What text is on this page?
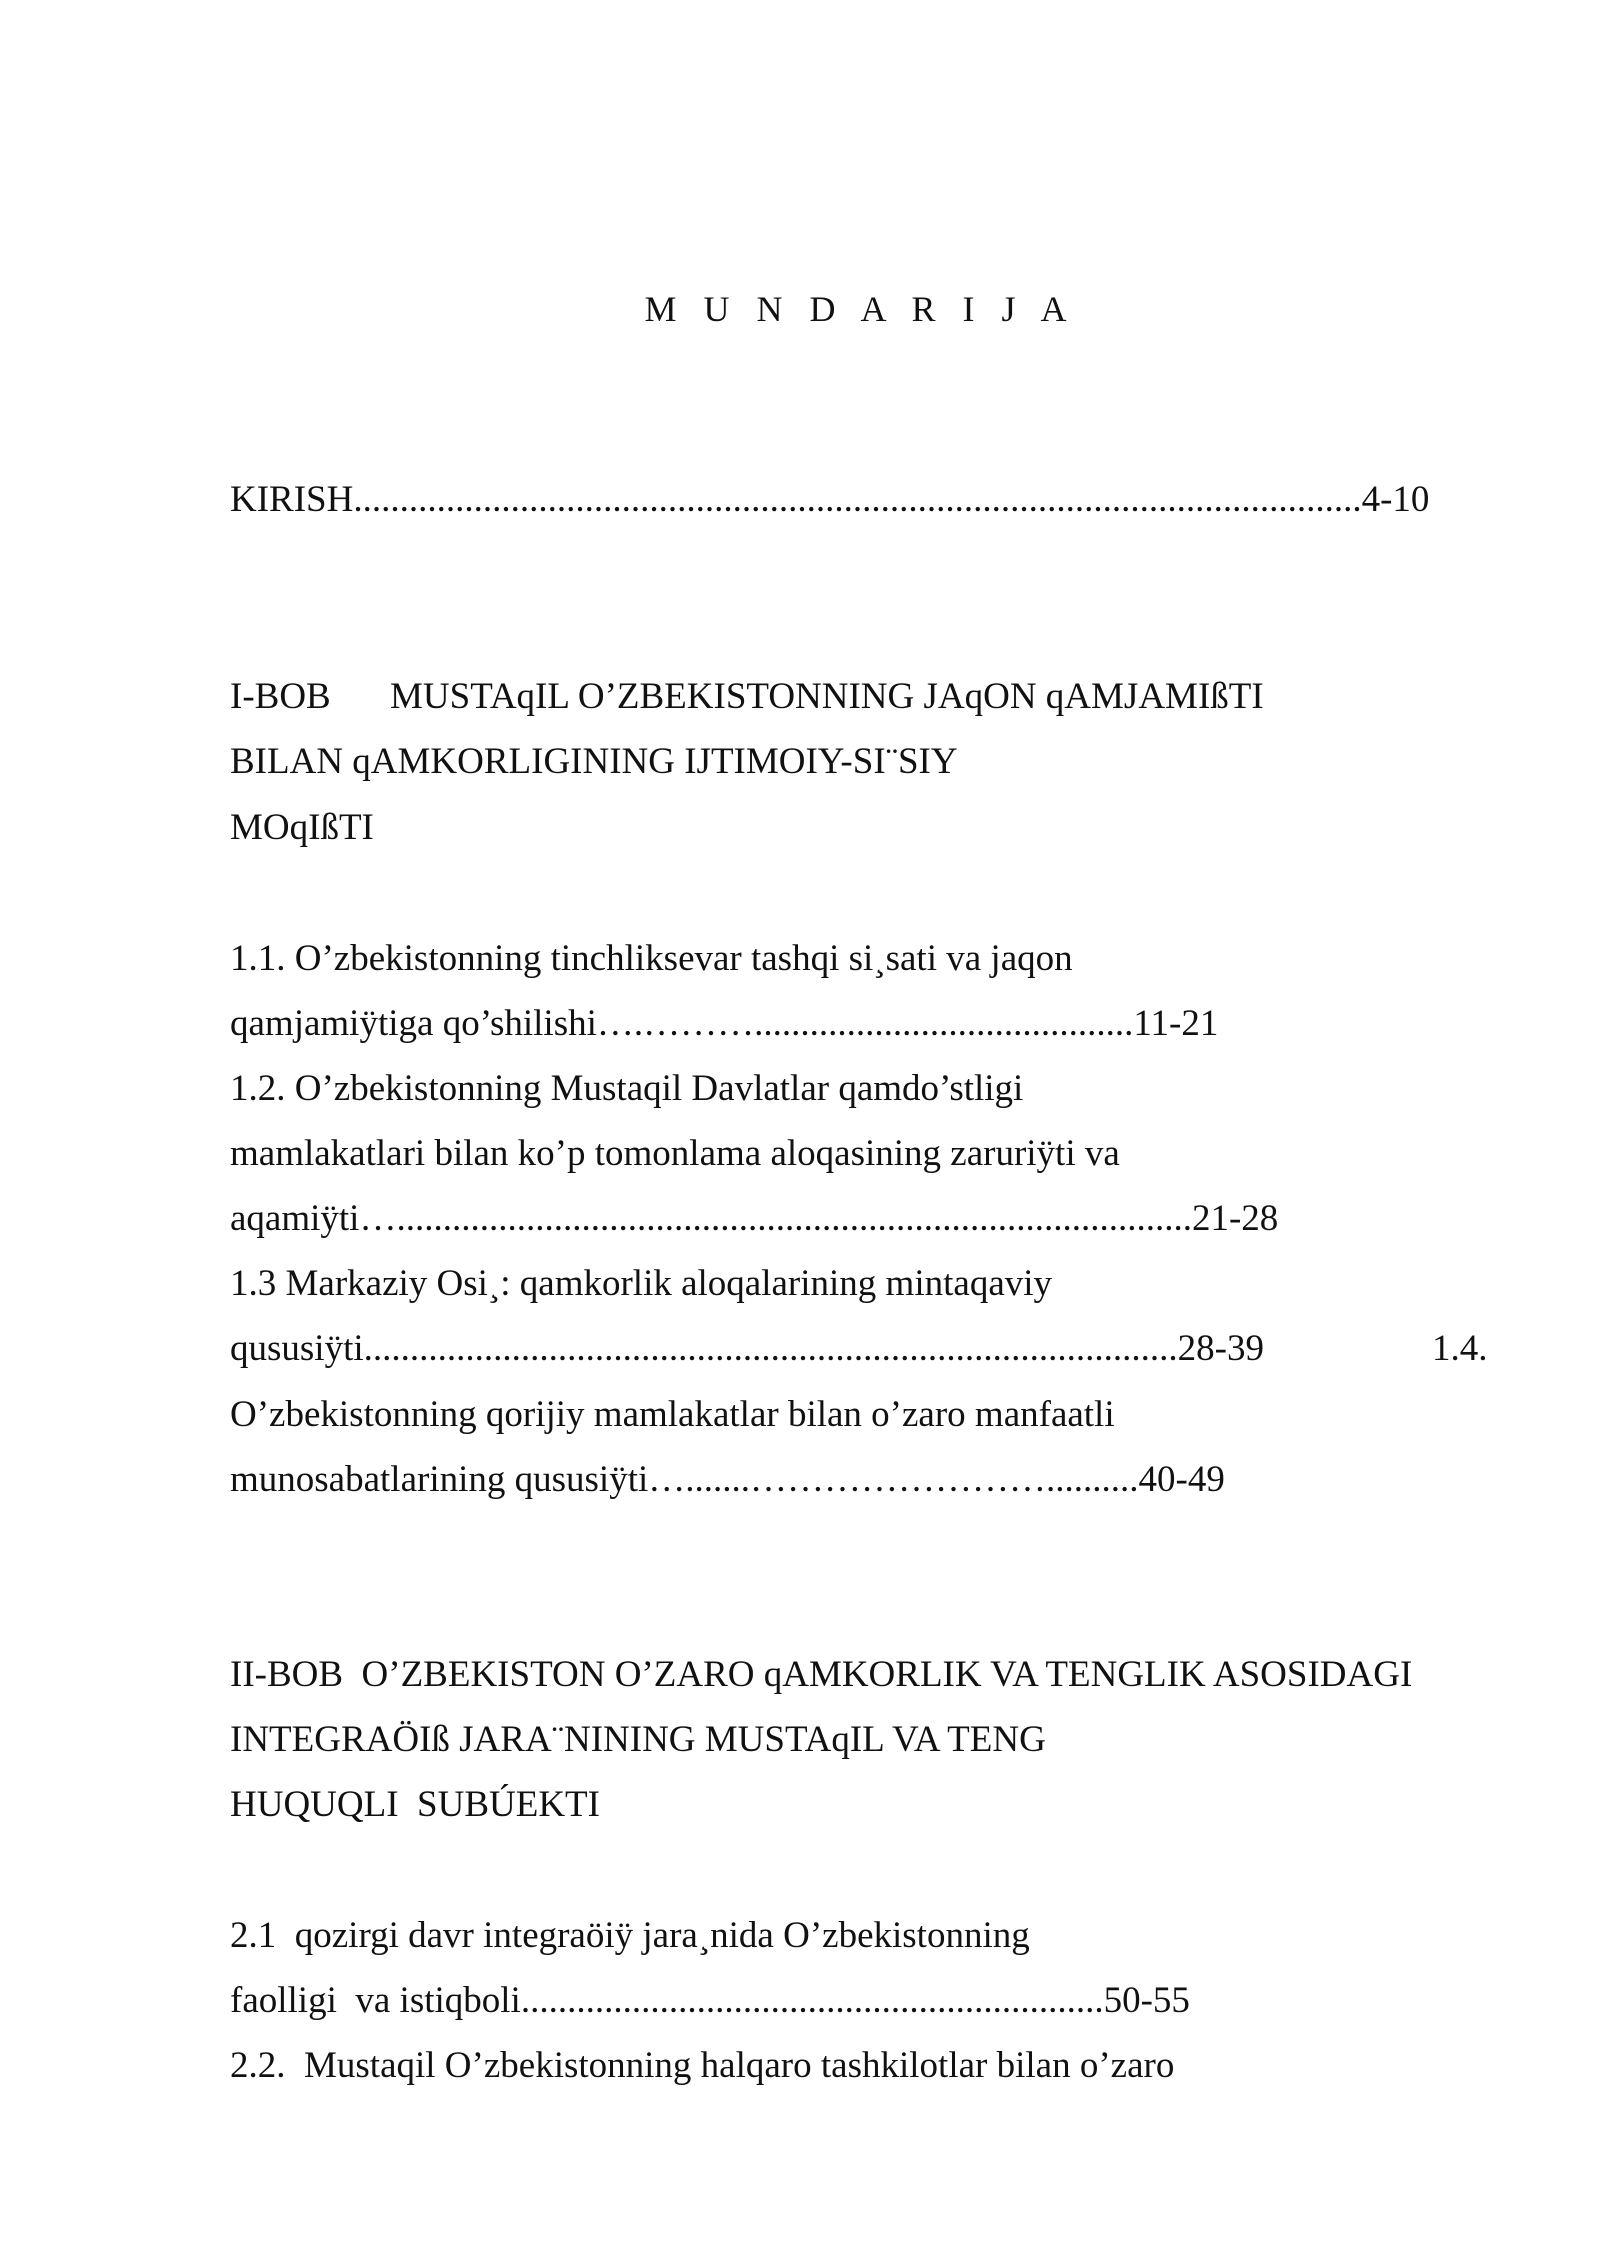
M U N D A R I J A
KIRISH.............................................................................................................4-10
I-BOB MUSTAqIL O’ZBEKISTONNING JAqON qAMJAMIßTI
BILAN qAMKORLIGINING IJTIMOIY-SI¨SIY
MOqIßTI
1.1. O’zbekistonning tinchliksevar tashqi si¸sati va jaqon
qamjamiÿtiga qo’shilishi….……….........................................11-21
1.2. O’zbekistonning Mustaqil Davlatlar qamdo’stligi
mamlakatlari bilan ko’p tomonlama aloqasining zaruriÿti va
aqamiÿti…......................................................................................21-28
1.3 Markaziy Osi¸: qamkorlik aloqalarining mintaqaviy
qususiÿti........................................................................................28-39	1.4.
O’zbekistonning qorijiy mamlakatlar bilan o’zaro manfaatli
munosabatlarining qususiÿti….......……………………..........40-49
II-BOB  O’ZBEKISTON O’ZARO qAMKORLIK VA TENGLIK ASOSIDAGI
INTEGRAÖIß JARA¨NINING MUSTAqIL VA TENG
HUQUQLI  SUBÚEKTI
2.1  qozirgi davr integraöiÿ jara¸nida O’zbekistonning
faolligi  va istiqboli...............................................................50-55
2.2.  Mustaqil O’zbekistonning halqaro tashkilotlar bilan o’zaro
